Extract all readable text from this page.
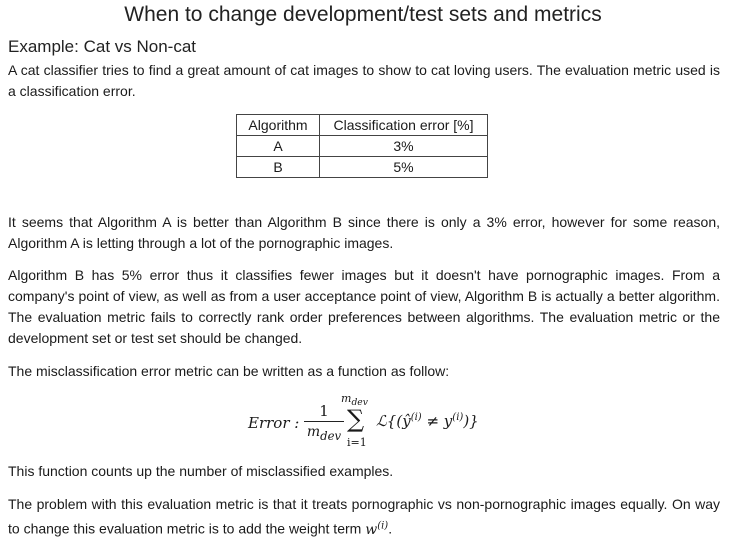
When to change development/test sets and metrics
Example: Cat vs Non-cat

A cat classifier tries to find a great amount of cat images to show to cat loving users. The evaluation metric used is a classification error.

Algorithm	Classification error [%]
A	3%
B	5%

It seems that Algorithm A is better than Algorithm B since there is only a 3% error, however for some reason, Algorithm A is letting through a lot of the pornographic images.

Algorithm B has 5% error thus it classifies fewer images but it doesn't have pornographic images. From a company's point of view, as well as from a user acceptance point of view, Algorithm B is actually a better algorithm. The evaluation metric fails to correctly rank order preferences between algorithms. The evaluation metric or the development set or test set should be changed.

The misclassification error metric can be written as a function as follow:

Error :
1
$m_{dev}$
$m_{dev}$
∑
i=1
$ℒ\{(ŷ^{(i)} \ne y^{(i)})\}$

This function counts up the number of misclassified examples.

The problem with this evaluation metric is that it treats pornographic vs non-pornographic images equally. On way to change this evaluation metric is to add the weight term $w^{(i)}$.
